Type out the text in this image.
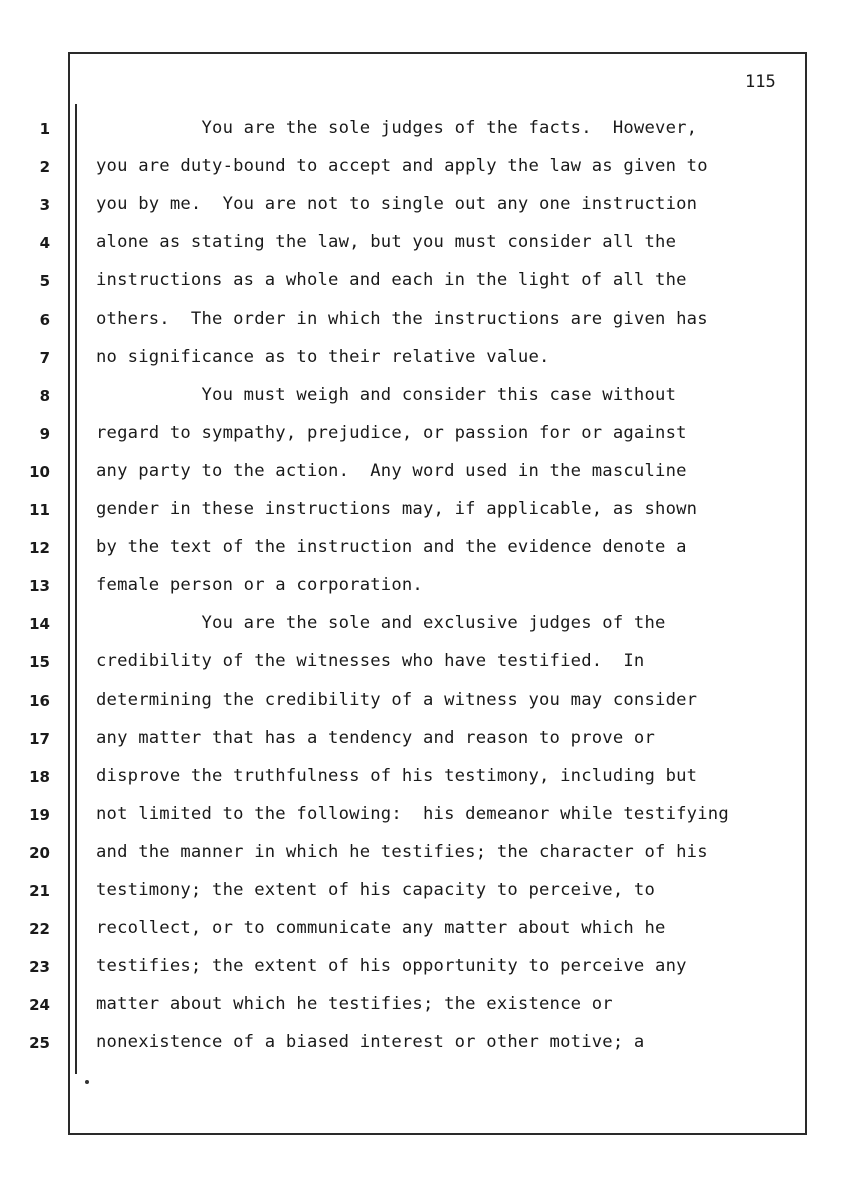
115
1	You are the sole judges of the facts.  However,
2	you are duty-bound to accept and apply the law as given to
3	you by me.  You are not to single out any one instruction
4	alone as stating the law, but you must consider all the
5	instructions as a whole and each in the light of all the
6	others.  The order in which the instructions are given has
7	no significance as to their relative value.
8	You must weigh and consider this case without
9	regard to sympathy, prejudice, or passion for or against
10	any party to the action.  Any word used in the masculine
11	gender in these instructions may, if applicable, as shown
12	by the text of the instruction and the evidence denote a
13	female person or a corporation.
14	You are the sole and exclusive judges of the
15	credibility of the witnesses who have testified.  In
16	determining the credibility of a witness you may consider
17	any matter that has a tendency and reason to prove or
18	disprove the truthfulness of his testimony, including but
19	not limited to the following:  his demeanor while testifying
20	and the manner in which he testifies; the character of his
21	testimony; the extent of his capacity to perceive, to
22	recollect, or to communicate any matter about which he
23	testifies; the extent of his opportunity to perceive any
24	matter about which he testifies; the existence or
25	nonexistence of a biased interest or other motive; a
